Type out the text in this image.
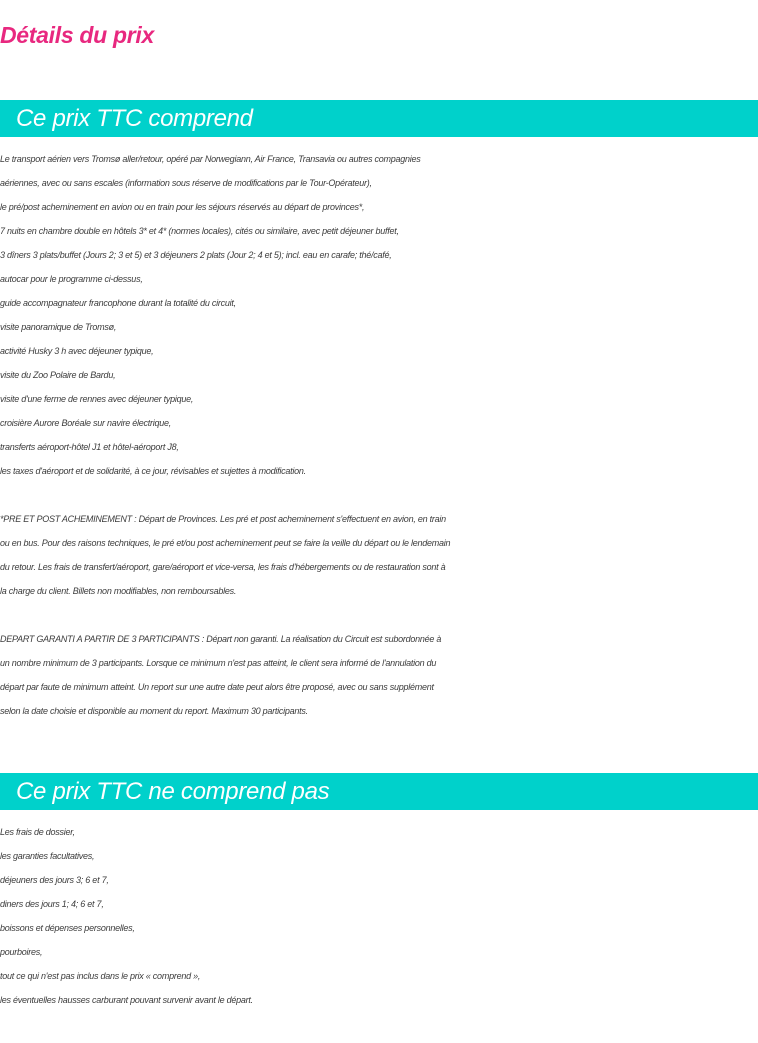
Détails du prix
Ce prix TTC comprend
Le transport aérien vers Tromsø aller/retour, opéré par Norwegiann, Air France, Transavia ou autres compagnies
aériennes, avec ou sans escales (information sous réserve de modifications par le Tour-Opérateur),
le pré/post acheminement en avion ou en train pour les séjours réservés au départ de provinces*,
7 nuits en chambre double en hôtels 3* et 4* (normes locales), cités ou similaire, avec petit déjeuner buffet,
3 dîners 3 plats/buffet (Jours 2; 3 et 5) et 3 déjeuners 2 plats (Jour 2; 4 et 5); incl. eau en carafe; thé/café,
autocar pour le programme ci-dessus,
guide accompagnateur francophone durant la totalité du circuit,
visite panoramique de Tromsø,
activité Husky 3 h avec déjeuner typique,
visite du Zoo Polaire de Bardu,
visite d'une ferme de rennes avec déjeuner typique,
croisière Aurore Boréale sur navire électrique,
transferts aéroport-hôtel J1 et hôtel-aéroport J8,
les taxes d'aéroport et de solidarité, à ce jour, révisables et sujettes à modification.
*PRE ET POST ACHEMINEMENT : Départ de Provinces. Les pré et post acheminement s'effectuent en avion, en train
ou en bus. Pour des raisons techniques, le pré et/ou post acheminement peut se faire la veille du départ ou le lendemain
du retour. Les frais de transfert/aéroport, gare/aéroport et vice-versa, les frais d'hébergements ou de restauration sont à
la charge du client. Billets non modifiables, non remboursables.
DEPART GARANTI A PARTIR DE 3 PARTICIPANTS : Départ non garanti. La réalisation du Circuit est subordonnée à
un nombre minimum de 3 participants. Lorsque ce minimum n'est pas atteint, le client sera informé de l'annulation du
départ par faute de minimum atteint. Un report sur une autre date peut alors être proposé, avec ou sans supplément
selon la date choisie et disponible au moment du report. Maximum 30 participants.
Ce prix TTC ne comprend pas
Les frais de dossier,
les garanties facultatives,
déjeuners des jours 3; 6 et 7,
diners des jours 1; 4; 6 et 7,
boissons et dépenses personnelles,
pourboires,
tout ce qui n'est pas inclus dans le prix « comprend »,
les éventuelles hausses carburant pouvant survenir avant le départ.
